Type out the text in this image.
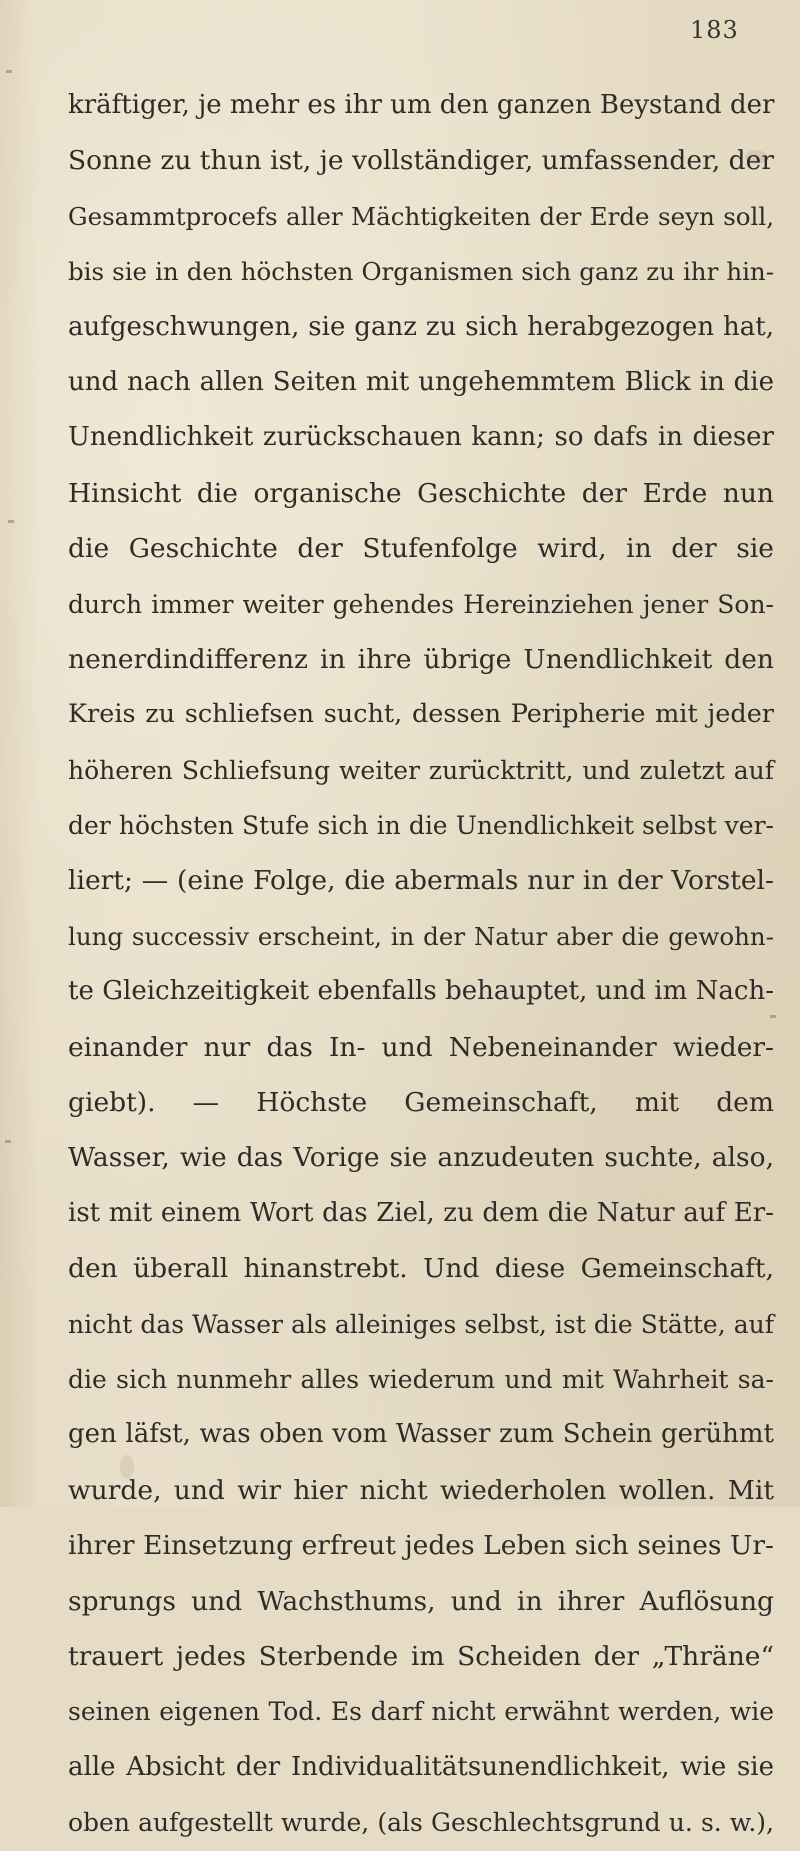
183
kräftiger, je mehr es ihr um den ganzen Beystand der
Sonne zu thun ist, je vollständiger, umfassender, der
Gesammtprocefs aller Mächtigkeiten der Erde seyn soll,
bis sie in den höchsten Organismen sich ganz zu ihr hin-
aufgeschwungen, sie ganz zu sich herabgezogen hat,
und nach allen Seiten mit ungehemmtem Blick in die
Unendlichkeit zurückschauen kann; so dafs in dieser
Hinsicht die organische Geschichte der Erde nun
die Geschichte der Stufenfolge wird, in der sie
durch immer weiter gehendes Hereinziehen jener Son-
nenerdindifferenz in ihre übrige Unendlichkeit den
Kreis zu schliefsen sucht, dessen Peripherie mit jeder
höheren Schliefsung weiter zurücktritt, und zuletzt auf
der höchsten Stufe sich in die Unendlichkeit selbst ver-
liert; — (eine Folge, die abermals nur in der Vorstel-
lung successiv erscheint, in der Natur aber die gewohn-
te Gleichzeitigkeit ebenfalls behauptet, und im Nach-
einander nur das In- und Nebeneinander wieder-
giebt). — Höchste Gemeinschaft, mit dem
Wasser, wie das Vorige sie anzudeuten suchte, also,
ist mit einem Wort das Ziel, zu dem die Natur auf Er-
den überall hinanstrebt. Und diese Gemeinschaft,
nicht das Wasser als alleiniges selbst, ist die Stätte, auf
die sich nunmehr alles wiederum und mit Wahrheit sa-
gen läfst, was oben vom Wasser zum Schein gerühmt
wurde, und wir hier nicht wiederholen wollen. Mit
ihrer Einsetzung erfreut jedes Leben sich seines Ur-
sprungs und Wachsthums, und in ihrer Auflösung
trauert jedes Sterbende im Scheiden der „Thräne“
seinen eigenen Tod. Es darf nicht erwähnt werden, wie
alle Absicht der Individualitätsunendlichkeit, wie sie
oben aufgestellt wurde, (als Geschlechtsgrund u. s. w.),
